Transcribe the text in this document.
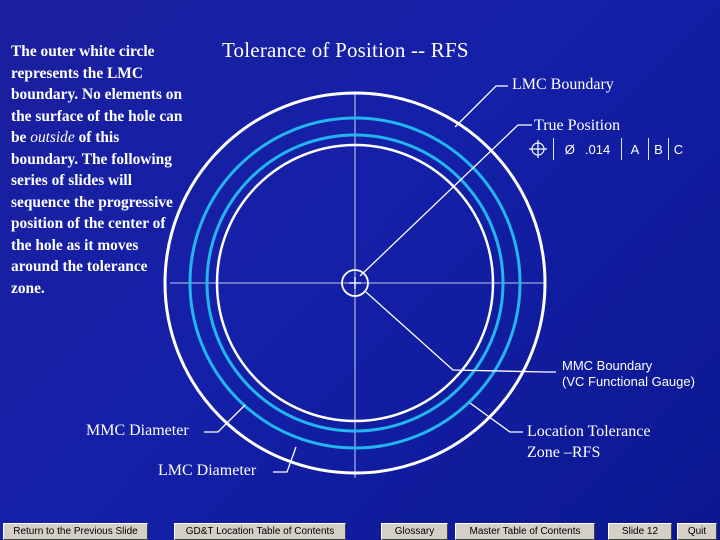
Tolerance of Position -- RFS
The outer white circle represents the LMC boundary. No elements on the surface of the hole can be outside of this boundary. The following series of slides will sequence the progressive position of the center of the hole as it moves around the tolerance zone.
LMC Boundary
True Position
Ø .014	A	B C
MMC Boundary
(VC Functional Gauge)
MMC Diameter
LMC Diameter
Location Tolerance
Zone –RFS
Return to the Previous Slide	GD&T Location Table of Contents	Glossary	Master Table of Contents	Slide 12	Quit
